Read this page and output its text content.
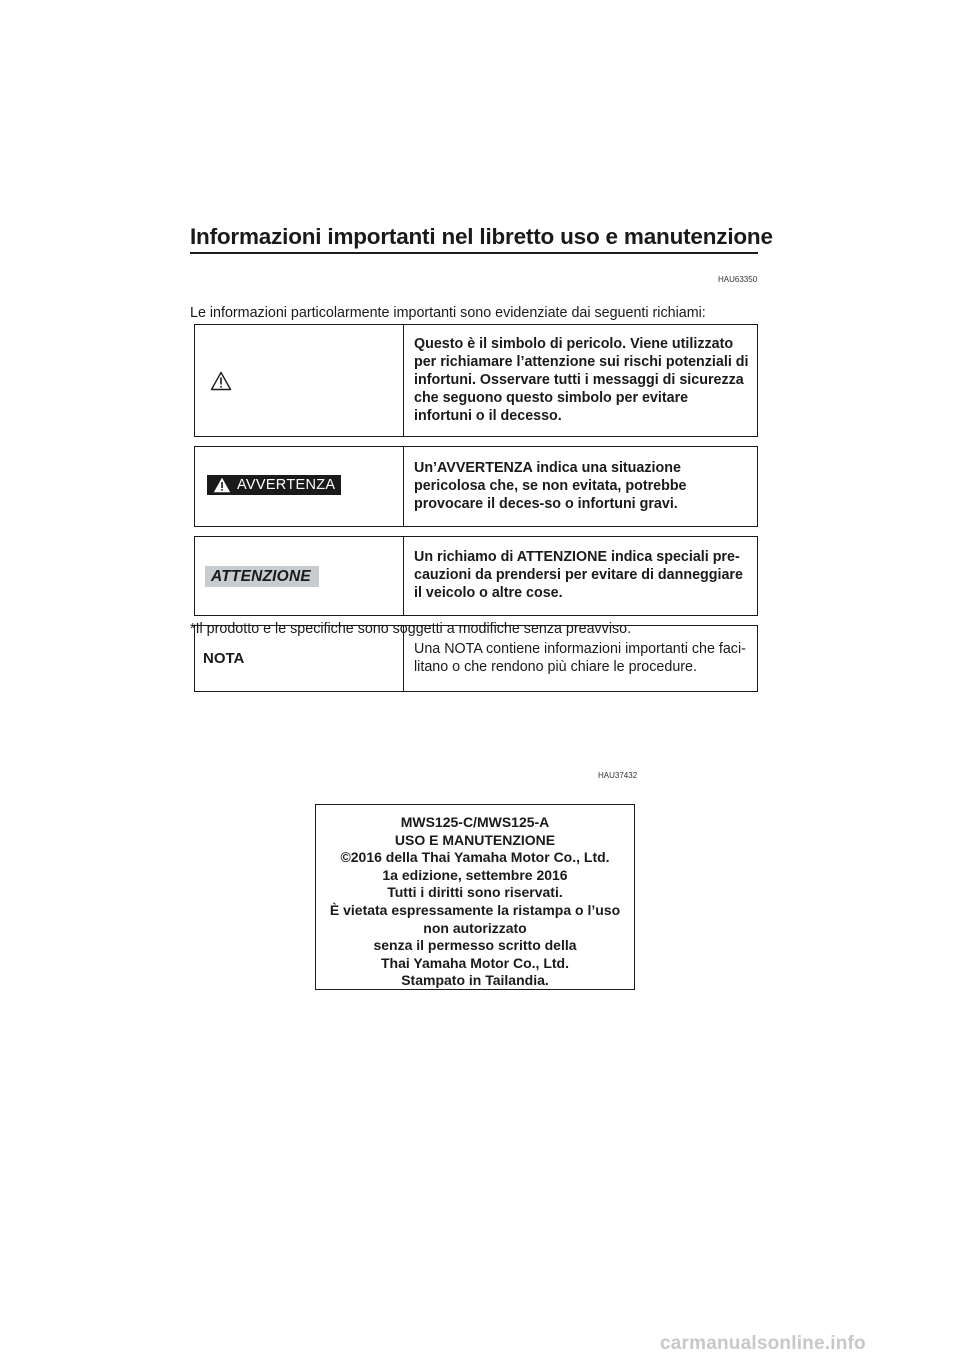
Informazioni importanti nel libretto uso e manutenzione
HAU63350
Le informazioni particolarmente importanti sono evidenziate dai seguenti richiami:
	Questo è il simbolo di pericolo. Viene utilizzato per richiamare l’attenzione sui rischi potenziali di infortuni. Osservare tutti i messaggi di sicurezza che seguono questo simbolo per evitare infortuni o il decesso.

AVVERTENZA	Un’AVVERTENZA indica una situazione pericolosa che, se non evitata, potrebbe provocare il deces-so o infortuni gravi.

ATTENZIONE	Un richiamo di ATTENZIONE indica speciali pre-cauzioni da prendersi per evitare di danneggiare il veicolo o altre cose.

NOTA	Una NOTA contiene informazioni importanti che faci-litano o che rendono più chiare le procedure.
*Il prodotto e le specifiche sono soggetti a modifiche senza preavviso.
HAU37432
MWS125-C/MWS125-A
USO E MANUTENZIONE
©2016 della Thai Yamaha Motor Co., Ltd.
1a edizione, settembre 2016
Tutti i diritti sono riservati.
È vietata espressamente la ristampa o l’uso
non autorizzato
senza il permesso scritto della
Thai Yamaha Motor Co., Ltd.
Stampato in Tailandia.
carmanualsonline.info
